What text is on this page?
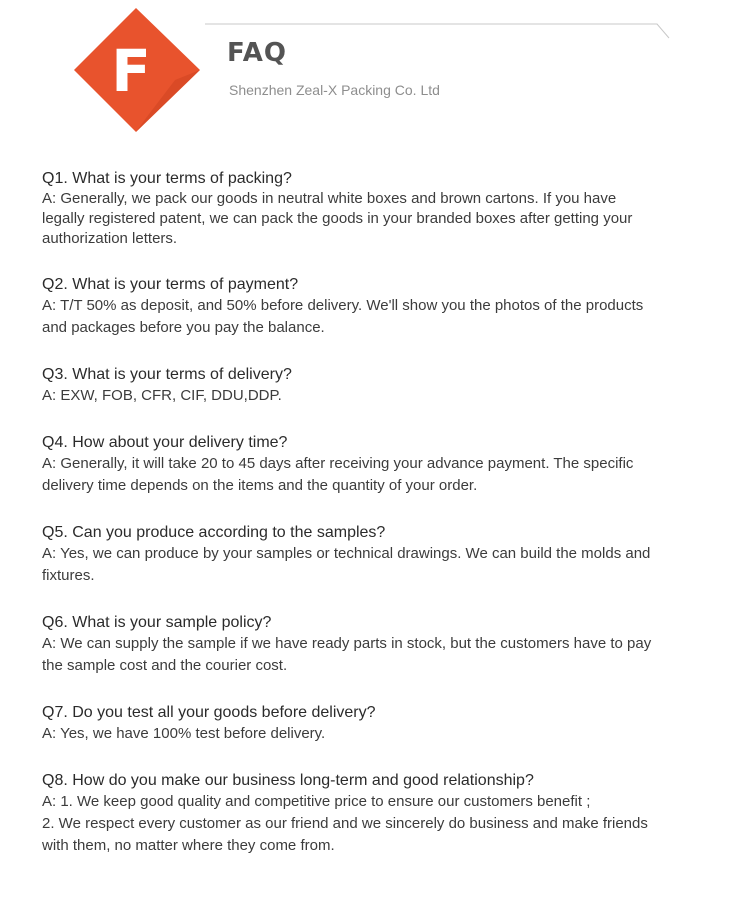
F	FAQ
Shenzhen Zeal-X Packing Co. Ltd
Q1. What is your terms of packing?
A: Generally, we pack our goods in neutral white boxes and brown cartons. If you have
legally registered patent, we can pack the goods in your branded boxes after getting your
authorization letters.
Q2. What is your terms of payment?
A: T/T 50% as deposit, and 50% before delivery. We'll show you the photos of the products
and packages before you pay the balance.
Q3. What is your terms of delivery?
A: EXW, FOB, CFR, CIF, DDU,DDP.
Q4. How about your delivery time?
A: Generally, it will take 20 to 45 days after receiving your advance payment. The specific
delivery time depends on the items and the quantity of your order.
Q5. Can you produce according to the samples?
A: Yes, we can produce by your samples or technical drawings. We can build the molds and
fixtures.
Q6. What is your sample policy?
A: We can supply the sample if we have ready parts in stock, but the customers have to pay
the sample cost and the courier cost.
Q7. Do you test all your goods before delivery?
A: Yes, we have 100% test before delivery.
Q8. How do you make our business long-term and good relationship?
A: 1. We keep good quality and competitive price to ensure our customers benefit ;
2. We respect every customer as our friend and we sincerely do business and make friends
with them, no matter where they come from.
